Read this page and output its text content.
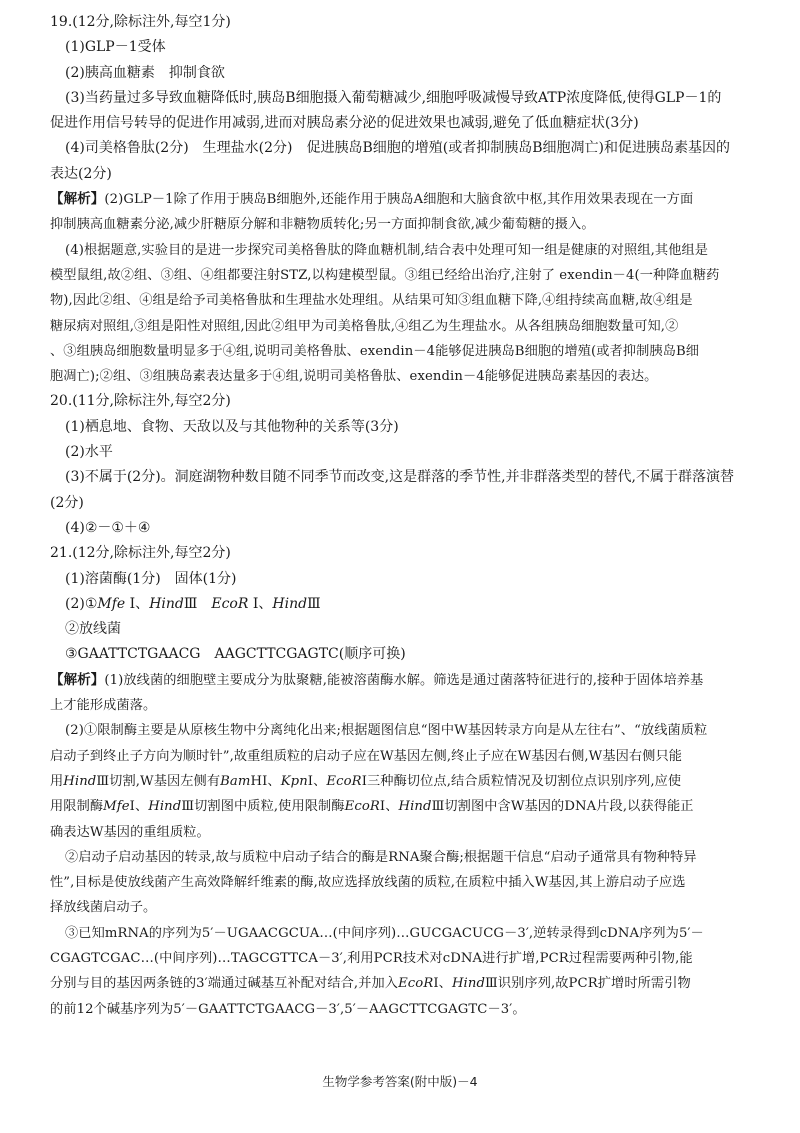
19.(12分,除标注外,每空1分)
(1)GLP－1受体
(2)胰高血糖素　抑制食欲
(3)当药量过多导致血糖降低时,胰岛B细胞摄入葡萄糖减少,细胞呼吸减慢导致ATP浓度降低,使得GLP－1的
促进作用信号转导的促进作用减弱,进而对胰岛素分泌的促进效果也减弱,避免了低血糖症状(3分)
(4)司美格鲁肽(2分)　生理盐水(2分)　促进胰岛B细胞的增殖(或者抑制胰岛B细胞凋亡)和促进胰岛素基因的
表达(2分)
【解析】(2)GLP－1除了作用于胰岛B细胞外,还能作用于胰岛A细胞和大脑食欲中枢,其作用效果表现在一方面
抑制胰高血糖素分泌,减少肝糖原分解和非糖物质转化;另一方面抑制食欲,减少葡萄糖的摄入。
(4)根据题意,实验目的是进一步探究司美格鲁肽的降血糖机制,结合表中处理可知一组是健康的对照组,其他组是
模型鼠组,故②组、③组、④组都要注射STZ,以构建模型鼠。③组已经给出治疗,注射了 exendin－4(一种降血糖药
物),因此②组、④组是给予司美格鲁肽和生理盐水处理组。从结果可知③组血糖下降,④组持续高血糖,故④组是
糖尿病对照组,③组是阳性对照组,因此②组甲为司美格鲁肽,④组乙为生理盐水。从各组胰岛细胞数量可知,②
、③组胰岛细胞数量明显多于④组,说明司美格鲁肽、exendin－4能够促进胰岛B细胞的增殖(或者抑制胰岛B细
胞凋亡);②组、③组胰岛素表达量多于④组,说明司美格鲁肽、exendin－4能够促进胰岛素基因的表达。
20.(11分,除标注外,每空2分)
(1)栖息地、食物、天敌以及与其他物种的关系等(3分)
(2)水平
(3)不属于(2分)。洞庭湖物种数目随不同季节而改变,这是群落的季节性,并非群落类型的替代,不属于群落演替
(2分)
(4)②－①＋④
21.(12分,除标注外,每空2分)
(1)溶菌酶(1分)　固体(1分)
(2)①Mfe Ⅰ、HindⅢ　EcoR Ⅰ、HindⅢ
②放线菌
③GAATTCTGAACG　AAGCTTCGAGTC(顺序可换)
【解析】(1)放线菌的细胞壁主要成分为肽聚糖,能被溶菌酶水解。筛选是通过菌落特征进行的,接种于固体培养基
上才能形成菌落。
(2)①限制酶主要是从原核生物中分离纯化出来;根据题图信息“图中W基因转录方向是从左往右”、“放线菌质粒
启动子到终止子方向为顺时针”,故重组质粒的启动子应在W基因左侧,终止子应在W基因右侧,W基因右侧只能
用HindⅢ切割,W基因左侧有BamHⅠ、KpnⅠ、EcoRⅠ三种酶切位点,结合质粒情况及切割位点识别序列,应使
用限制酶MfeⅠ、HindⅢ切割图中质粒,使用限制酶EcoRⅠ、HindⅢ切割图中含W基因的DNA片段,以获得能正
确表达W基因的重组质粒。
②启动子启动基因的转录,故与质粒中启动子结合的酶是RNA聚合酶;根据题干信息“启动子通常具有物种特异
性”,目标是使放线菌产生高效降解纤维素的酶,故应选择放线菌的质粒,在质粒中插入W基因,其上游启动子应选
择放线菌启动子。
③已知mRNA的序列为5′－UGAACGCUA…(中间序列)…GUCGACUCG－3′,逆转录得到cDNA序列为5′－
CGAGTCGAC…(中间序列)…TAGCGTTCA－3′,利用PCR技术对cDNA进行扩增,PCR过程需要两种引物,能
分别与目的基因两条链的3′端通过碱基互补配对结合,并加入EcoRⅠ、HindⅢ识别序列,故PCR扩增时所需引物
的前12个碱基序列为5′－GAATTCTGAACG－3′,5′－AAGCTTCGAGTC－3′。
生物学参考答案(附中版)－4
